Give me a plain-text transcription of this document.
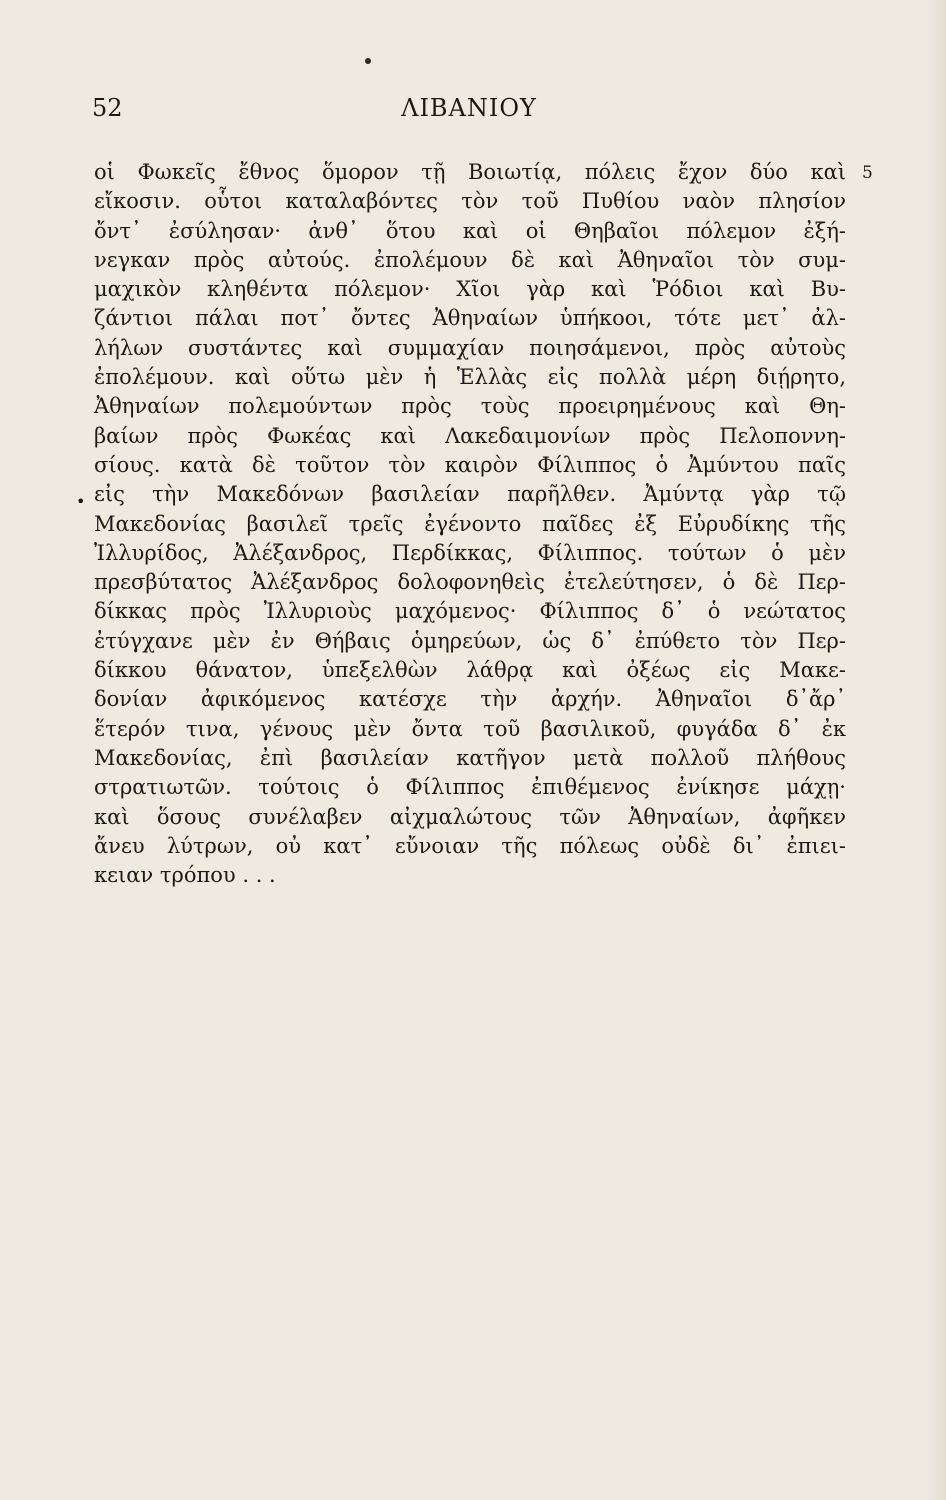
52	ΛΙΒΑΝΙΟΥ
5
•
οἱ Φωκεῖς ἔθνος ὅμορον τῇ Βοιωτίᾳ, πόλεις ἔχον δύο καὶ
εἴκοσιν. οὗτοι καταλαβόντες τὸν τοῦ Πυθίου ναὸν πλησίον
ὄντ᾽ ἐσύλησαν· ἀνθ᾽ ὅτου καὶ οἱ Θηβαῖοι πόλεμον ἐξή-
νεγκαν πρὸς αὐτούς. ἐπολέμουν δὲ καὶ Ἀθηναῖοι τὸν συμ-
μαχικὸν κληθέντα πόλεμον· Χῖοι γὰρ καὶ Ῥόδιοι καὶ Βυ-
ζάντιοι πάλαι ποτ᾽ ὄντες Ἀθηναίων ὑπήκοοι, τότε μετ᾽ ἀλ-
λήλων συστάντες καὶ συμμαχίαν ποιησάμενοι, πρὸς αὐτοὺς
ἐπολέμουν. καὶ οὕτω μὲν ἡ Ἑλλὰς εἰς πολλὰ μέρη διῄρητο,
Ἀθηναίων πολεμούντων πρὸς τοὺς προειρημένους καὶ Θη-
βαίων πρὸς Φωκέας καὶ Λακεδαιμονίων πρὸς Πελοποννη-
σίους. κατὰ δὲ τοῦτον τὸν καιρὸν Φίλιππος ὁ Ἀμύντου παῖς
εἰς τὴν Μακεδόνων βασιλείαν παρῆλθεν. Ἀμύντᾳ γὰρ τῷ
Μακεδονίας βασιλεῖ τρεῖς ἐγένοντο παῖδες ἐξ Εὐρυδίκης τῆς
Ἰλλυρίδος, Ἀλέξανδρος, Περδίκκας, Φίλιππος. τούτων ὁ μὲν
πρεσβύτατος Ἀλέξανδρος δολοφονηθεὶς ἐτελεύτησεν, ὁ δὲ Περ-
δίκκας πρὸς Ἰλλυριοὺς μαχόμενος· Φίλιππος δ᾽ ὁ νεώτατος
ἐτύγχανε μὲν ἐν Θήβαις ὁμηρεύων, ὡς δ᾽ ἐπύθετο τὸν Περ-
δίκκου θάνατον, ὑπεξελθὼν λάθρᾳ καὶ ὀξέως εἰς Μακε-
δονίαν ἀφικόμενος κατέσχε τὴν ἀρχήν. Ἀθηναῖοι δ᾽ἄρ᾽
ἕτερόν τινα, γένους μὲν ὄντα τοῦ βασιλικοῦ, φυγάδα δ᾽ ἐκ
Μακεδονίας, ἐπὶ βασιλείαν κατῆγον μετὰ πολλοῦ πλήθους
στρατιωτῶν. τούτοις ὁ Φίλιππος ἐπιθέμενος ἐνίκησε μάχῃ·
καὶ ὅσους συνέλαβεν αἰχμαλώτους τῶν Ἀθηναίων, ἀφῆκεν
ἄνευ λύτρων, οὐ κατ᾽ εὔνοιαν τῆς πόλεως οὐδὲ δι᾽ ἐπιει-
κειαν τρόπου . . .
